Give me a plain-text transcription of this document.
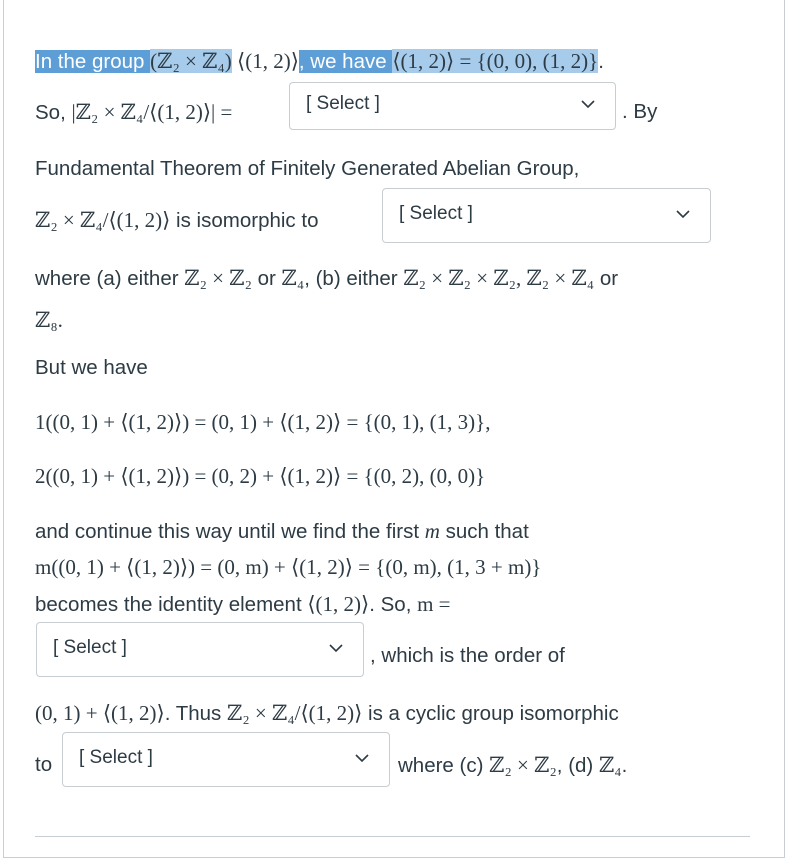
In the group (ℤ₂ × ℤ₄) ⟨(1, 2)⟩, we have ⟨(1, 2)⟩ = {(0, 0), (1, 2)}.
So, |ℤ₂ × ℤ₄/⟨(1, 2)⟩| =	[ Select ]	. By
Fundamental Theorem of Finitely Generated Abelian Group,
ℤ₂ × ℤ₄/⟨(1, 2)⟩ is isomorphic to	[ Select ]
where (a) either ℤ₂ × ℤ₂ or ℤ₄, (b) either ℤ₂ × ℤ₂ × ℤ₂, ℤ₂ × ℤ₄ or
ℤ₈.
But we have
1((0, 1) + ⟨(1, 2)⟩) = (0, 1) + ⟨(1, 2)⟩ = {(0, 1), (1, 3)},
2((0, 1) + ⟨(1, 2)⟩) = (0, 2) + ⟨(1, 2)⟩ = {(0, 2), (0, 0)}
and continue this way until we find the first m such that
m((0, 1) + ⟨(1, 2)⟩) = (0, m) + ⟨(1, 2)⟩ = {(0, m), (1, 3 + m)}
becomes the identity element ⟨(1, 2)⟩. So, m =
[ Select ]	, which is the order of
(0, 1) + ⟨(1, 2)⟩. Thus ℤ₂ × ℤ₄/⟨(1, 2)⟩ is a cyclic group isomorphic
to [ Select ]	where (c) ℤ₂ × ℤ₂, (d) ℤ₄.
